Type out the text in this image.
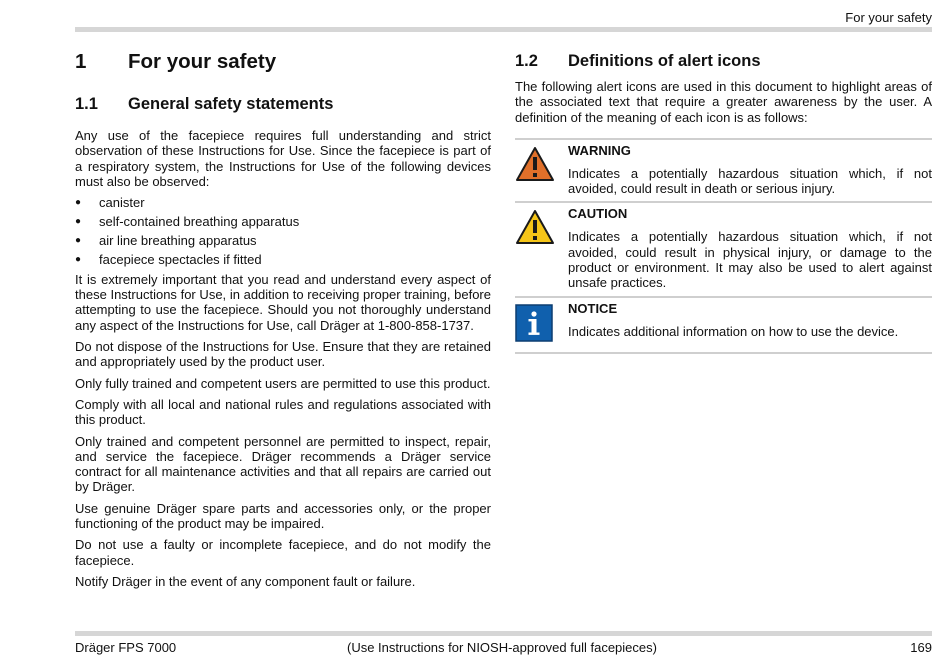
For your safety
1	For your safety
1.1	General safety statements

Any use of the facepiece requires full understanding and strict observation of these Instructions for Use. Since the facepiece is part of a respiratory system, the Instructions for Use of the following devices must also be observed:

● canister
● self-contained breathing apparatus
● air line breathing apparatus
● facepiece spectacles if fitted

It is extremely important that you read and understand every aspect of these Instructions for Use, in addition to receiving proper training, before attempting to use the facepiece. Should you not thoroughly understand any aspect of the Instructions for Use, call Dräger at 1-800-858-1737.

Do not dispose of the Instructions for Use. Ensure that they are retained and appropriately used by the product user.

Only fully trained and competent users are permitted to use this product.

Comply with all local and national rules and regulations associated with this product.

Only trained and competent personnel are permitted to inspect, repair, and service the facepiece. Dräger recommends a Dräger service contract for all maintenance activities and that all repairs are carried out by Dräger.

Use genuine Dräger spare parts and accessories only, or the proper functioning of the product may be impaired.

Do not use a faulty or incomplete facepiece, and do not modify the facepiece.

Notify Dräger in the event of any component fault or failure.

1.2	Definitions of alert icons

The following alert icons are used in this document to highlight areas of the associated text that require a greater awareness by the user. A definition of the meaning of each icon is as follows:

WARNING

Indicates a potentially hazardous situation which, if not avoided, could result in death or serious injury.

CAUTION

Indicates a potentially hazardous situation which, if not avoided, could result in physical injury, or damage to the product or environment. It may also be used to alert against unsafe practices.

NOTICE

Indicates additional information on how to use the device.

Dräger FPS 7000	(Use Instructions for NIOSH-approved full facepieces)	169
